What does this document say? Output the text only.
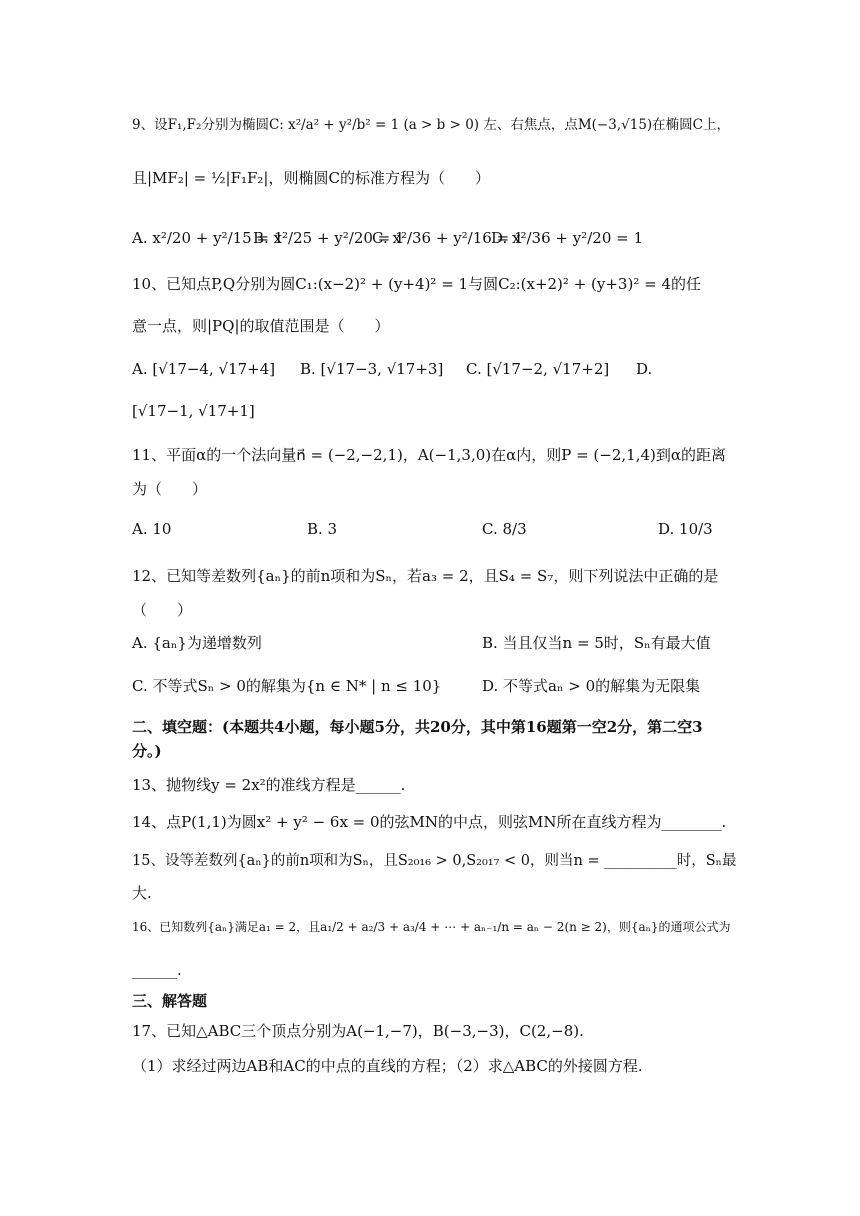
9、设F₁,F₂分别为椭圆C: x²/a² + y²/b² = 1 (a > b > 0) 左、右焦点，点M(−3,√15)在椭圆C上，
且|MF₂| = ½|F₁F₂|，则椭圆C的标准方程为（　　）
A. x²/20 + y²/15 = 1
B. x²/25 + y²/20 = 1
C. x²/36 + y²/16 = 1
D. x²/36 + y²/20 = 1
10、已知点P,Q分别为圆C₁:(x−2)² + (y+4)² = 1与圆C₂:(x+2)² + (y+3)² = 4的任
意一点，则|PQ|的取值范围是（　　）
A. [√17−4, √17+4] B. [√17−3, √17+3] C. [√17−2, √17+2] D.
[√17−1, √17+1]
11、平面α的一个法向量n⃗ = (−2,−2,1)，A(−1,3,0)在α内，则P = (−2,1,4)到α的距离
为（　　）
A. 10	B. 3	C. 8/3	D. 10/3
12、已知等差数列{aₙ}的前n项和为Sₙ，若a₃ = 2，且S₄ = S₇，则下列说法中正确的是
（　　）
A. {aₙ}为递增数列	B. 当且仅当n = 5时，Sₙ有最大值
C. 不等式Sₙ > 0的解集为{n ∈ N* | n ≤ 10}	D. 不等式aₙ > 0的解集为无限集
二、填空题：(本题共4小题，每小题5分，共20分，其中第16题第一空2分，第二空3
分。)
13、抛物线y = 2x²的准线方程是______.
14、点P(1,1)为圆x² + y² − 6x = 0的弦MN的中点，则弦MN所在直线方程为________.
15、设等差数列{aₙ}的前n项和为Sₙ，且S₂₀₁₆ > 0,S₂₀₁₇ < 0，则当n = __________时，Sₙ最
大.
16、已知数列{aₙ}满足a₁ = 2，且a₁/2 + a₂/3 + a₃/4 + ⋯ + aₙ₋₁/n = aₙ − 2(n ≥ 2)，则{aₙ}的通项公式为
______.
三、解答题
17、已知△ABC三个顶点分别为A(−1,−7)，B(−3,−3)，C(2,−8).
（1）求经过两边AB和AC的中点的直线的方程；（2）求△ABC的外接圆方程.
